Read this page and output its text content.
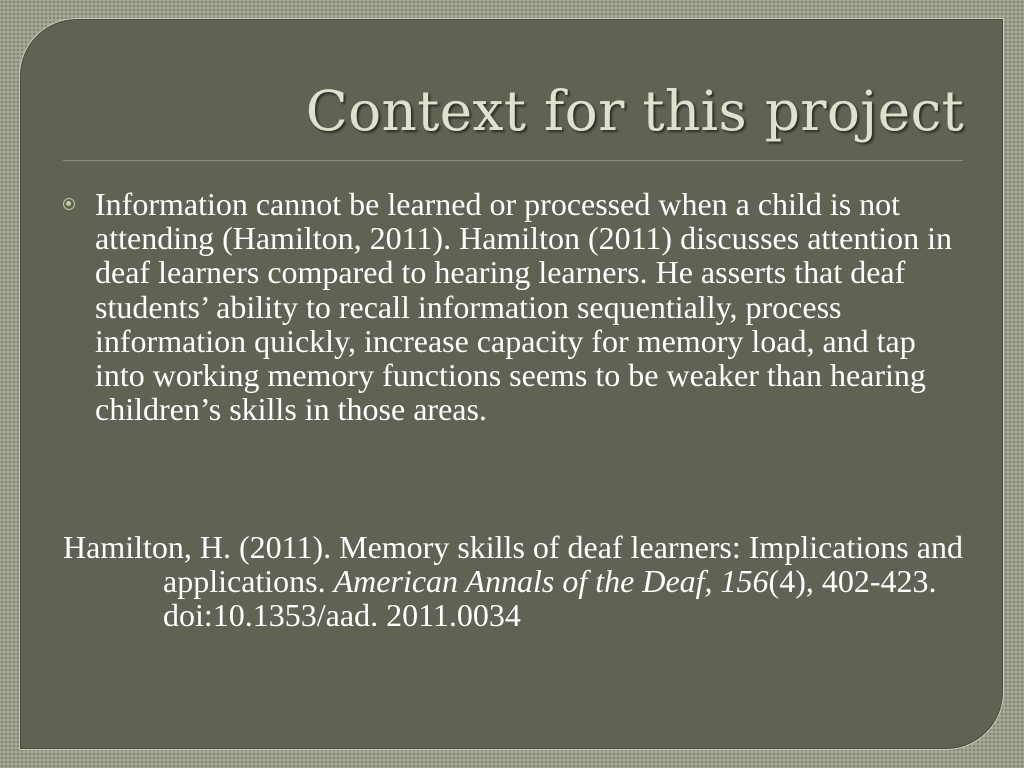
Context for this project

Information cannot be learned or processed when a child is not attending (Hamilton, 2011). Hamilton (2011) discusses attention in deaf learners compared to hearing learners. He asserts that deaf students’ ability to recall information sequentially, process information quickly, increase capacity for memory load, and tap into working memory functions seems to be weaker than hearing children’s skills in those areas.

Hamilton, H. (2011). Memory skills of deaf learners: Implications and applications. American Annals of the Deaf, 156(4), 402-423. doi:10.1353/aad. 2011.0034
